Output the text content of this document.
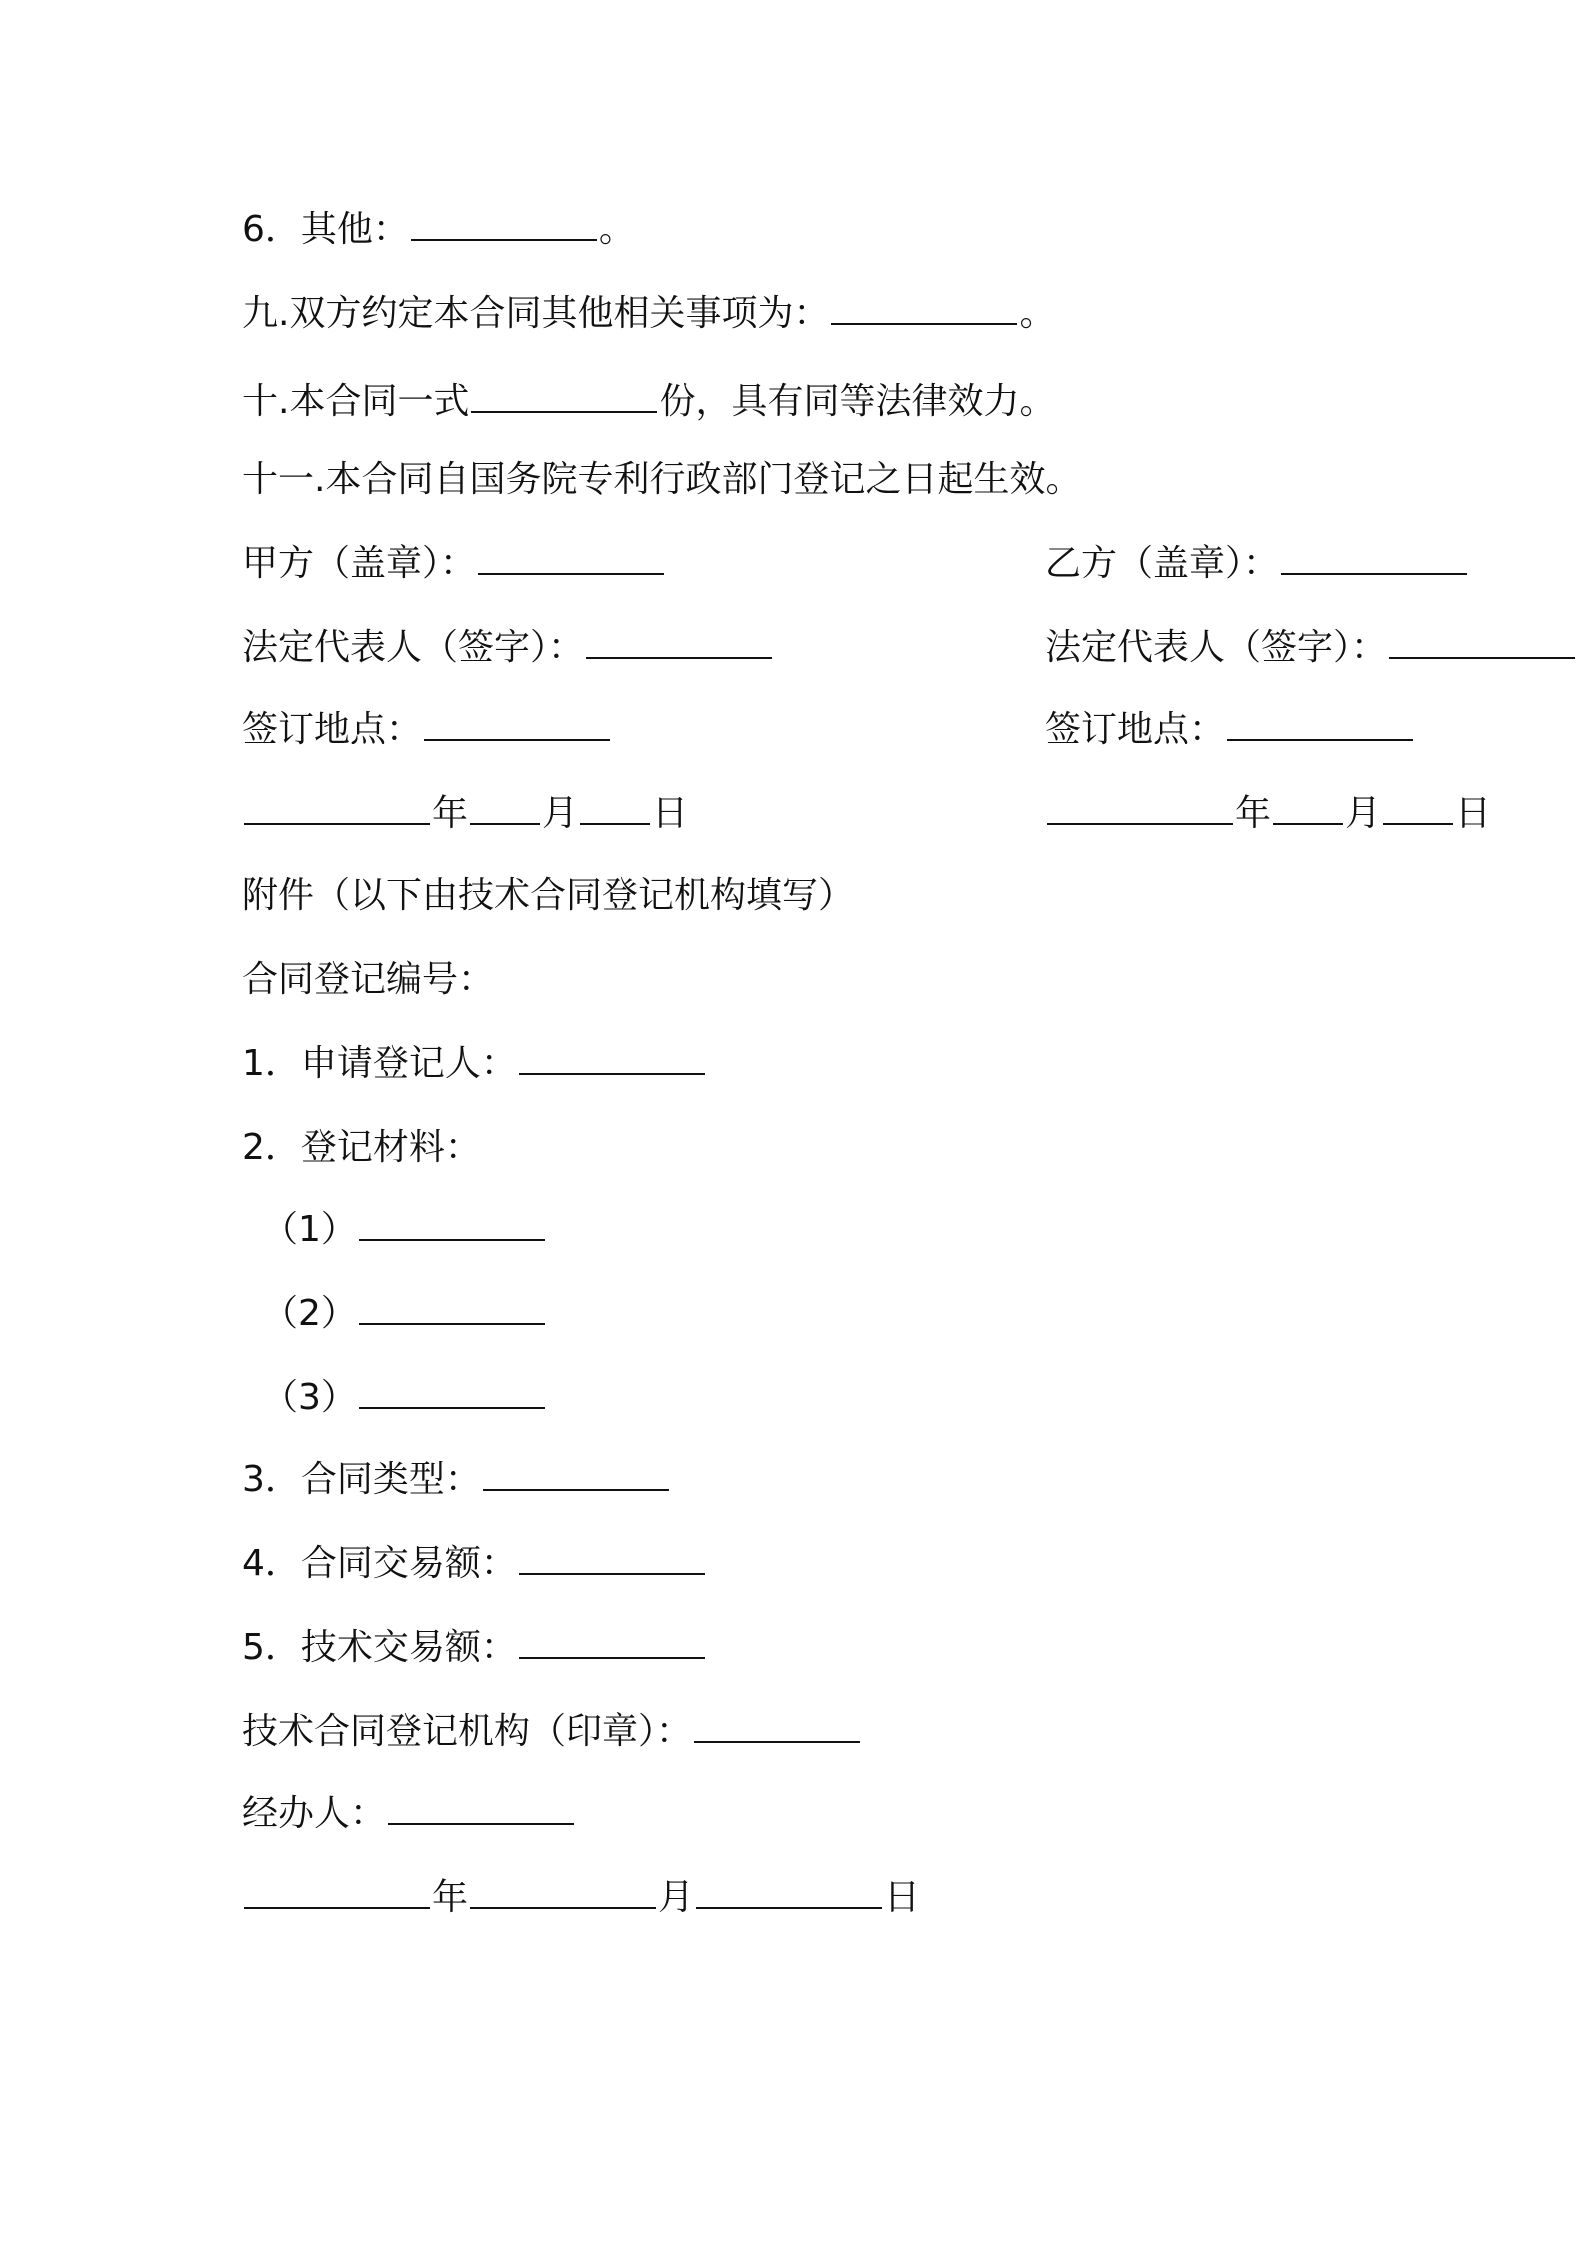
6．其他：	。
九.双方约定本合同其他相关事项为：	。
十.本合同一式	份，具有同等法律效力。
十一.本合同自国务院专利行政部门登记之日起生效。
甲方（盖章）：	乙方（盖章）：
法定代表人（签字）：	法定代表人（签字）：
签订地点：	签订地点：
年 月 日	年 月 日
附件（以下由技术合同登记机构填写）
合同登记编号：
1．申请登记人：
2．登记材料：
（1）
（2）
（3）
3．合同类型：
4．合同交易额：
5．技术交易额：
技术合同登记机构（印章）：
经办人：
年	月	日
